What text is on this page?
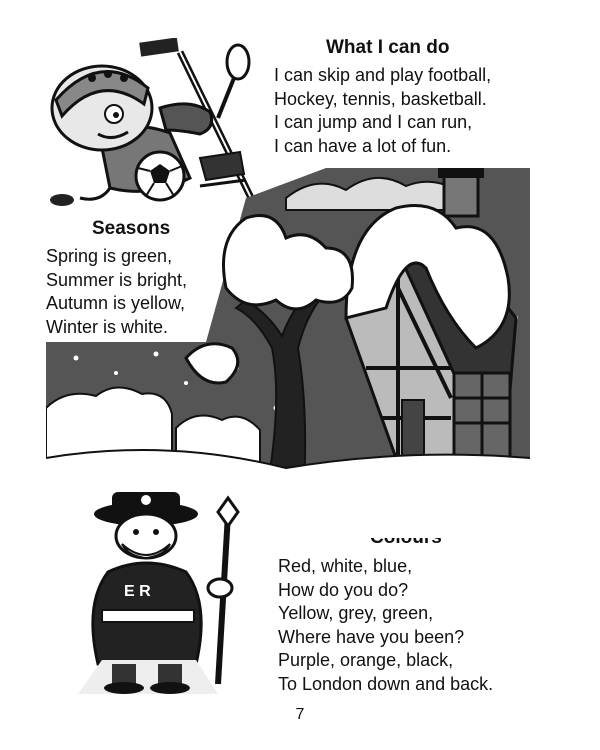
What I can do
I can skip and play football,
Hockey, tennis, basketball.
I can jump and I can run,
I can have a lot of fun.
Seasons
Spring is green,
Summer is bright,
Autumn is yellow,
Winter is white.
Red, white, blue,
How do you do?
Yellow, grey, green,
Where have you been?
Purple, orange, black,
To London down and back.
E R
7
